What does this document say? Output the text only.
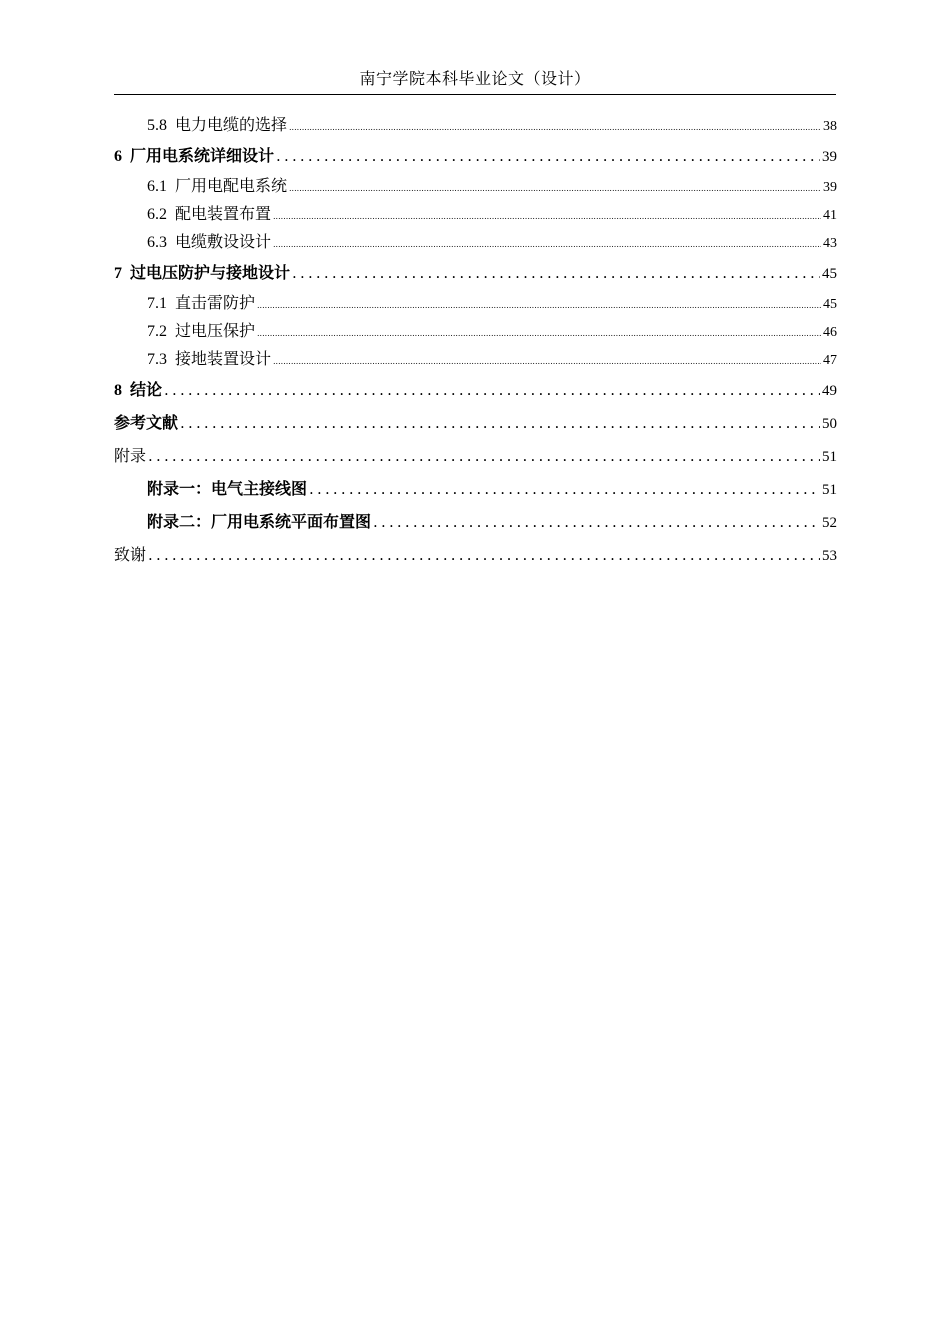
南宁学院本科毕业论文（设计）
5.8 电力电缆的选择 .....	38
6 厂用电系统详细设计 .....	39
6.1 厂用电配电系统 .....	39
6.2 配电装置布置 .....	41
6.3 电缆敷设设计 .....	43
7 过电压防护与接地设计 .....	45
7.1 直击雷防护 .....	45
7.2 过电压保护 .....	46
7.3 接地装置设计 .....	47
8 结论 .....	49
参考文献 .....	50
附录 .....	51
附录一：电气主接线图 .....	51
附录二：厂用电系统平面布置图 .....	52
致谢 .....	53
